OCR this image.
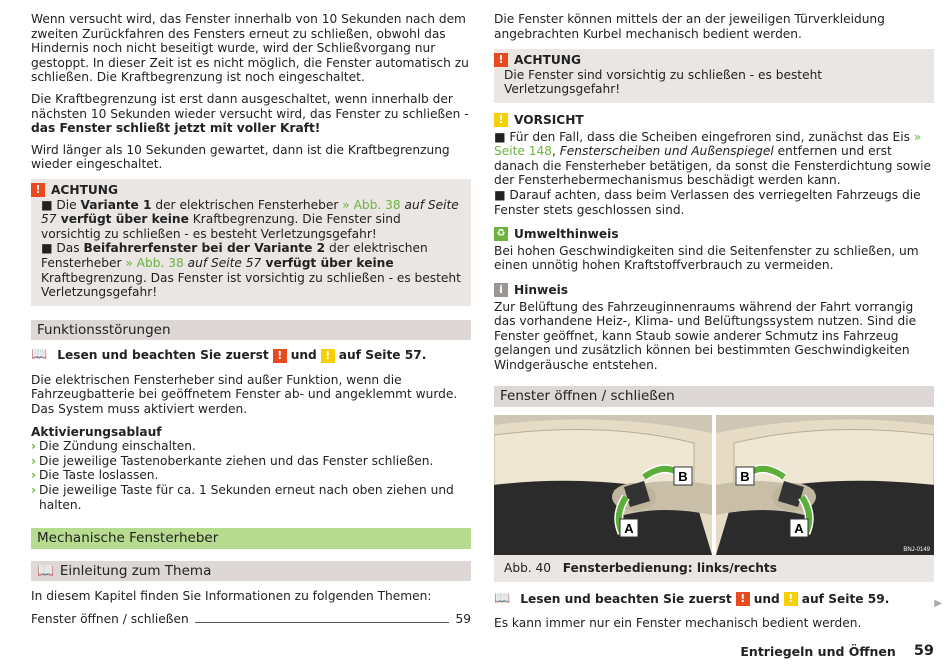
Wenn versucht wird, das Fenster innerhalb von 10 Sekunden nach dem zweiten Zurückfahren des Fensters erneut zu schließen, obwohl das Hindernis noch nicht beseitigt wurde, wird der Schließvorgang nur gestoppt. In dieser Zeit ist es nicht möglich, die Fenster automatisch zu schließen. Die Kraftbegrenzung ist noch eingeschaltet.

Die Kraftbegrenzung ist erst dann ausgeschaltet, wenn innerhalb der nächsten 10 Sekunden wieder versucht wird, das Fenster zu schließen - das Fenster schließt jetzt mit voller Kraft!

Wird länger als 10 Sekunden gewartet, dann ist die Kraftbegrenzung wieder eingeschaltet.

! ACHTUNG
■ Die Variante 1 der elektrischen Fensterheber » Abb. 38 auf Seite 57 verfügt über keine Kraftbegrenzung. Die Fenster sind vorsichtig zu schließen - es besteht Verletzungsgefahr!
■ Das Beifahrerfenster bei der Variante 2 der elektrischen Fensterheber » Abb. 38 auf Seite 57 verfügt über keine Kraftbegrenzung. Das Fenster ist vorsichtig zu schließen - es besteht Verletzungsgefahr!
Funktionsstörungen
📖 Lesen und beachten Sie zuerst ! und ! auf Seite 57.

Die elektrischen Fensterheber sind außer Funktion, wenn die Fahrzeugbatterie bei geöffnetem Fenster ab- und angeklemmt wurde. Das System muss aktiviert werden.

Aktivierungsablauf
› Die Zündung einschalten.
› Die jeweilige Tastenoberkante ziehen und das Fenster schließen.
› Die Taste loslassen.
› Die jeweilige Taste für ca. 1 Sekunden erneut nach oben ziehen und halten.
Mechanische Fensterheber
📖 Einleitung zum Thema

In diesem Kapitel finden Sie Informationen zu folgenden Themen:

Fenster öffnen / schließen	59

Die Fenster können mittels der an der jeweiligen Türverkleidung angebrachten Kurbel mechanisch bedient werden.

! ACHTUNG
Die Fenster sind vorsichtig zu schließen - es besteht Verletzungsgefahr!
! VORSICHT
■ Für den Fall, dass die Scheiben eingefroren sind, zunächst das Eis » Seite 148, Fensterscheiben und Außenspiegel entfernen und erst danach die Fensterheber betätigen, da sonst die Fensterdichtung sowie der Fensterhebermechanismus beschädigt werden kann.
■ Darauf achten, dass beim Verlassen des verriegelten Fahrzeugs die Fenster stets geschlossen sind.
♻ Umwelthinweis
Bei hohen Geschwindigkeiten sind die Seitenfenster zu schließen, um einen unnötig hohen Kraftstoffverbrauch zu vermeiden.
i Hinweis
Zur Belüftung des Fahrzeuginnenraums während der Fahrt vorrangig das vorhandene Heiz-, Klima- und Belüftungssystem nutzen. Sind die Fenster geöffnet, kann Staub sowie anderer Schmutz ins Fahrzeug gelangen und zusätzlich können bei bestimmten Geschwindigkeiten Windgeräusche entstehen.
Fenster öffnen / schließen
B
A
B
A
BNJ-0149
Abb. 40 Fensterbedienung: links/rechts
📖 Lesen und beachten Sie zuerst ! und ! auf Seite 59.

Es kann immer nur ein Fenster mechanisch bedient werden.

▶
Entriegeln und Öffnen 59
